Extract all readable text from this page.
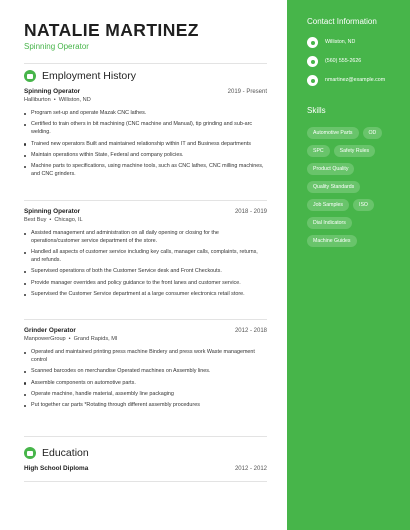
NATALIE MARTINEZ
Spinning Operator
Employment History
Spinning Operator	2019 - Present
Halliburton • Williston, ND
Program set-up and operate Mazak CNC lathes.
Certified to train others in bit machining (CNC machine and Manual), tip grinding and sub-arc welding.
Trained new operators Built and maintained relationship within IT and Business departments
Maintain operations within State, Federal and company policies.
Machine parts to specifications, using machine tools, such as CNC lathes, CNC milling machines, and CNC grinders.
Spinning Operator	2018 - 2019
Best Buy • Chicago, IL
Assisted management and administration on all daily opening or closing for the operations/customer service department of the store.
Handled all aspects of customer service including key calls, manager calls, complaints, returns, and refunds.
Supervised operations of both the Customer Service desk and Front Checkouts.
Provide manager overrides and policy guidance to the front lanes and customer service.
Supervised the Customer Service department at a large consumer electronics retail store.
Grinder Operator	2012 - 2018
ManpowerGroup • Grand Rapids, MI
Operated and maintained printing press machine Bindery and press work Waste management control
Scanned barcodes on merchandise Operated machines on Assembly lines.
Assemble components on automotive parts.
Operate machine, handle material, assembly line packaging
Put together car parts *Rotating through different assembly procedures
Education
High School Diploma	2012 - 2012
Contact Information
Williston, ND
(560) 555-2626
nmartinez@example.com
Skills
Automotive Parts	OD
SPC	Safety Rules
Product Quality
Quality Standards
Job Samples	ISO
Dial Indicators
Machine Guides
